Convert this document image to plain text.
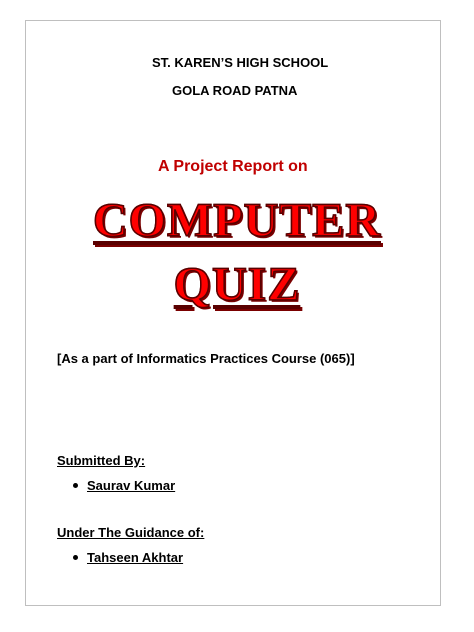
ST. KAREN’S HIGH SCHOOL
GOLA ROAD PATNA
A Project Report on
COMPUTER
QUIZ
[As a part of Informatics Practices Course (065)]
Submitted By:
Saurav Kumar
Under The Guidance of:
Tahseen Akhtar
